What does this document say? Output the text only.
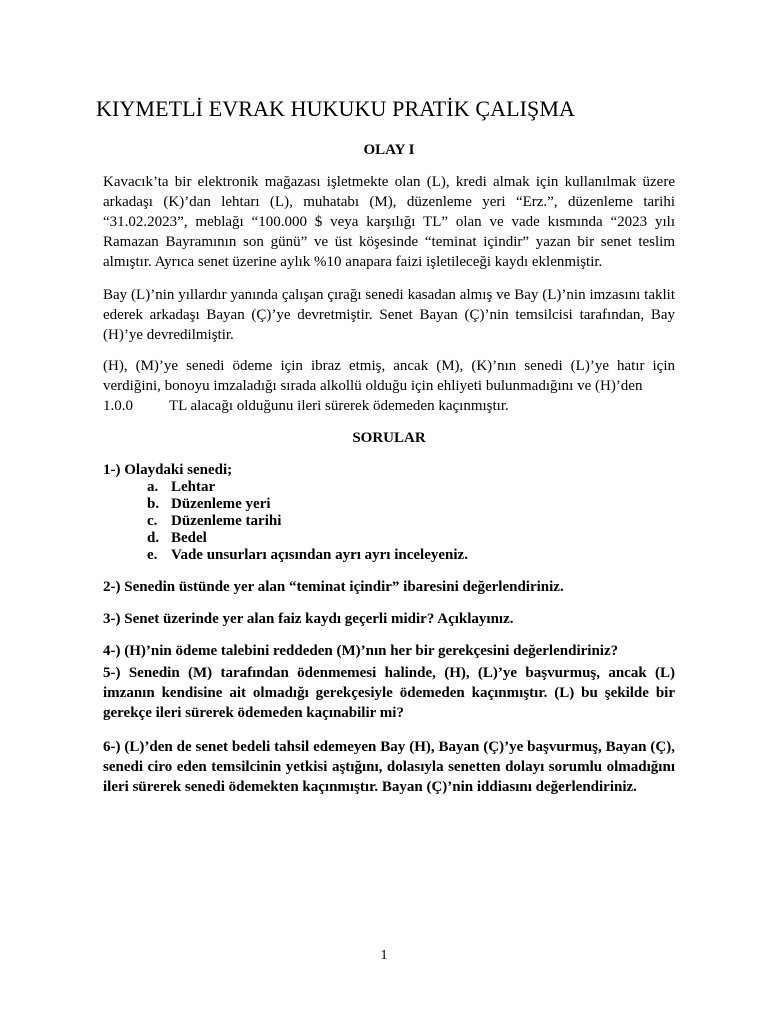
KIYMETLİ EVRAK HUKUKU PRATİK ÇALIŞMA

OLAY I

Kavacık’ta bir elektronik mağazası işletmekte olan (L), kredi almak için kullanılmak üzere arkadaşı (K)’dan lehtarı (L), muhatabı (M), düzenleme yeri “Erz.”, düzenleme tarihi “31.02.2023”, meblağı “100.000 $ veya karşılığı TL” olan ve vade kısmında “2023 yılı Ramazan Bayramının son günü” ve üst köşesinde “teminat içindir” yazan bir senet teslim almıştır. Ayrıca senet üzerine aylık %10 anapara faizi işletileceği kaydı eklenmiştir.

Bay (L)’nin yıllardır yanında çalışan çırağı senedi kasadan almış ve Bay (L)’nin imzasını taklit ederek arkadaşı Bayan (Ç)’ye devretmiştir. Senet Bayan (Ç)’nin temsilcisi tarafından, Bay (H)’ye devredilmiştir.

(H), (M)’ye senedi ödeme için ibraz etmiş, ancak (M), (K)’nın senedi (L)’ye hatır için verdiğini, bonoyu imzaladığı sırada alkollü olduğu için ehliyeti bulunmadığını ve (H)’den
1.0.0 TL alacağı olduğunu ileri sürerek ödemeden kaçınmıştır.

SORULAR

1-) Olaydaki senedi;

a. Lehtar
b. Düzenleme yeri
c. Düzenleme tarihi
d. Bedel
e. Vade unsurları açısından ayrı ayrı inceleyeniz.

2-) Senedin üstünde yer alan “teminat içindir” ibaresini değerlendiriniz.

3-) Senet üzerinde yer alan faiz kaydı geçerli midir? Açıklayınız.

4-) (H)’nin ödeme talebini reddeden (M)’nın her bir gerekçesini değerlendiriniz?

5-) Senedin (M) tarafından ödenmemesi halinde, (H), (L)’ye başvurmuş, ancak (L) imzanın kendisine ait olmadığı gerekçesiyle ödemeden kaçınmıştır. (L) bu şekilde bir gerekçe ileri sürerek ödemeden kaçınabilir mi?

6-) (L)’den de senet bedeli tahsil edemeyen Bay (H), Bayan (Ç)’ye başvurmuş, Bayan (Ç), senedi ciro eden temsilcinin yetkisi aştığını, dolasıyla senetten dolayı sorumlu olmadığını ileri sürerek senedi ödemekten kaçınmıştır. Bayan (Ç)’nin iddiasını değerlendiriniz.

1
